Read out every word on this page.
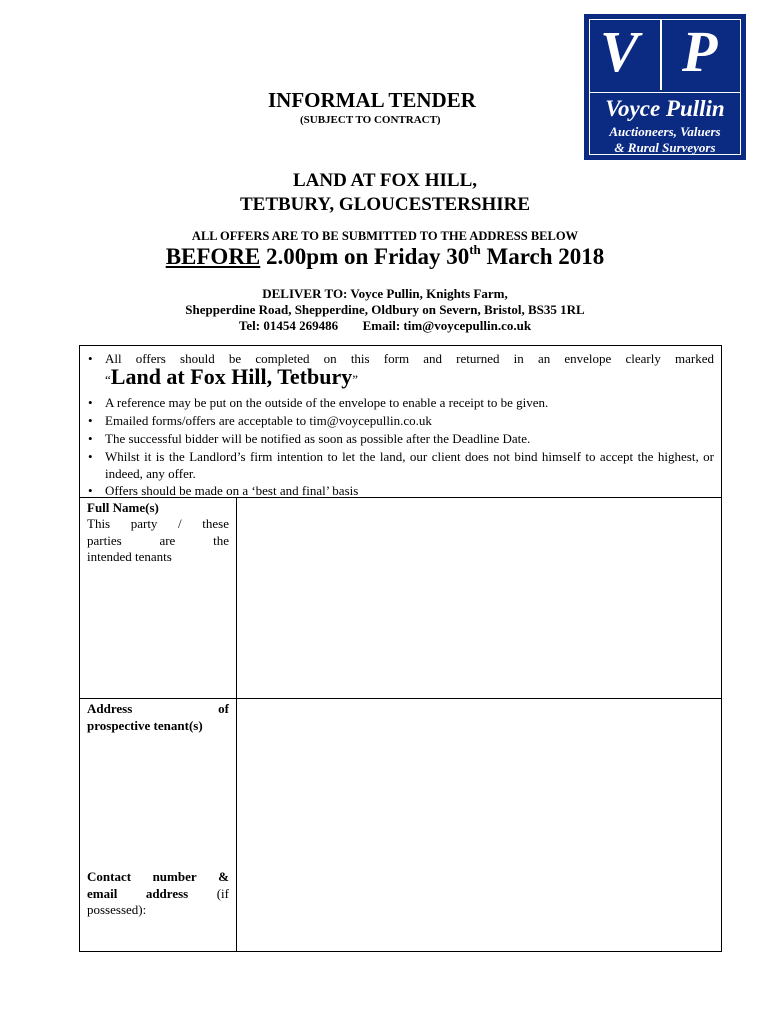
V P
Voyce Pullin
Auctioneers, Valuers
& Rural Surveyors
INFORMAL TENDER
(SUBJECT TO CONTRACT)
LAND AT FOX HILL,
TETBURY, GLOUCESTERSHIRE
ALL OFFERS ARE TO BE SUBMITTED TO THE ADDRESS BELOW
BEFORE 2.00pm on Friday 30th March 2018
DELIVER TO: Voyce Pullin, Knights Farm,
Shepperdine Road, Shepperdine, Oldbury on Severn, Bristol, BS35 1RL
Tel: 01454 269486 Email: tim@voycepullin.co.uk
• All offers should be completed on this form and returned in an envelope clearly marked
“Land at Fox Hill, Tetbury”
• A reference may be put on the outside of the envelope to enable a receipt to be given.
• Emailed forms/offers are acceptable to tim@voycepullin.co.uk
• The successful bidder will be notified as soon as possible after the Deadline Date.
• Whilst it is the Landlord’s firm intention to let the land, our client does not bind himself to accept the highest, or indeed, any offer.
• Offers should be made on a ‘best and final’ basis
Full Name(s)
This party / these
parties	are	the
intended tenants
Address	of
prospective tenant(s)
Contact number &
email address (if
possessed):
